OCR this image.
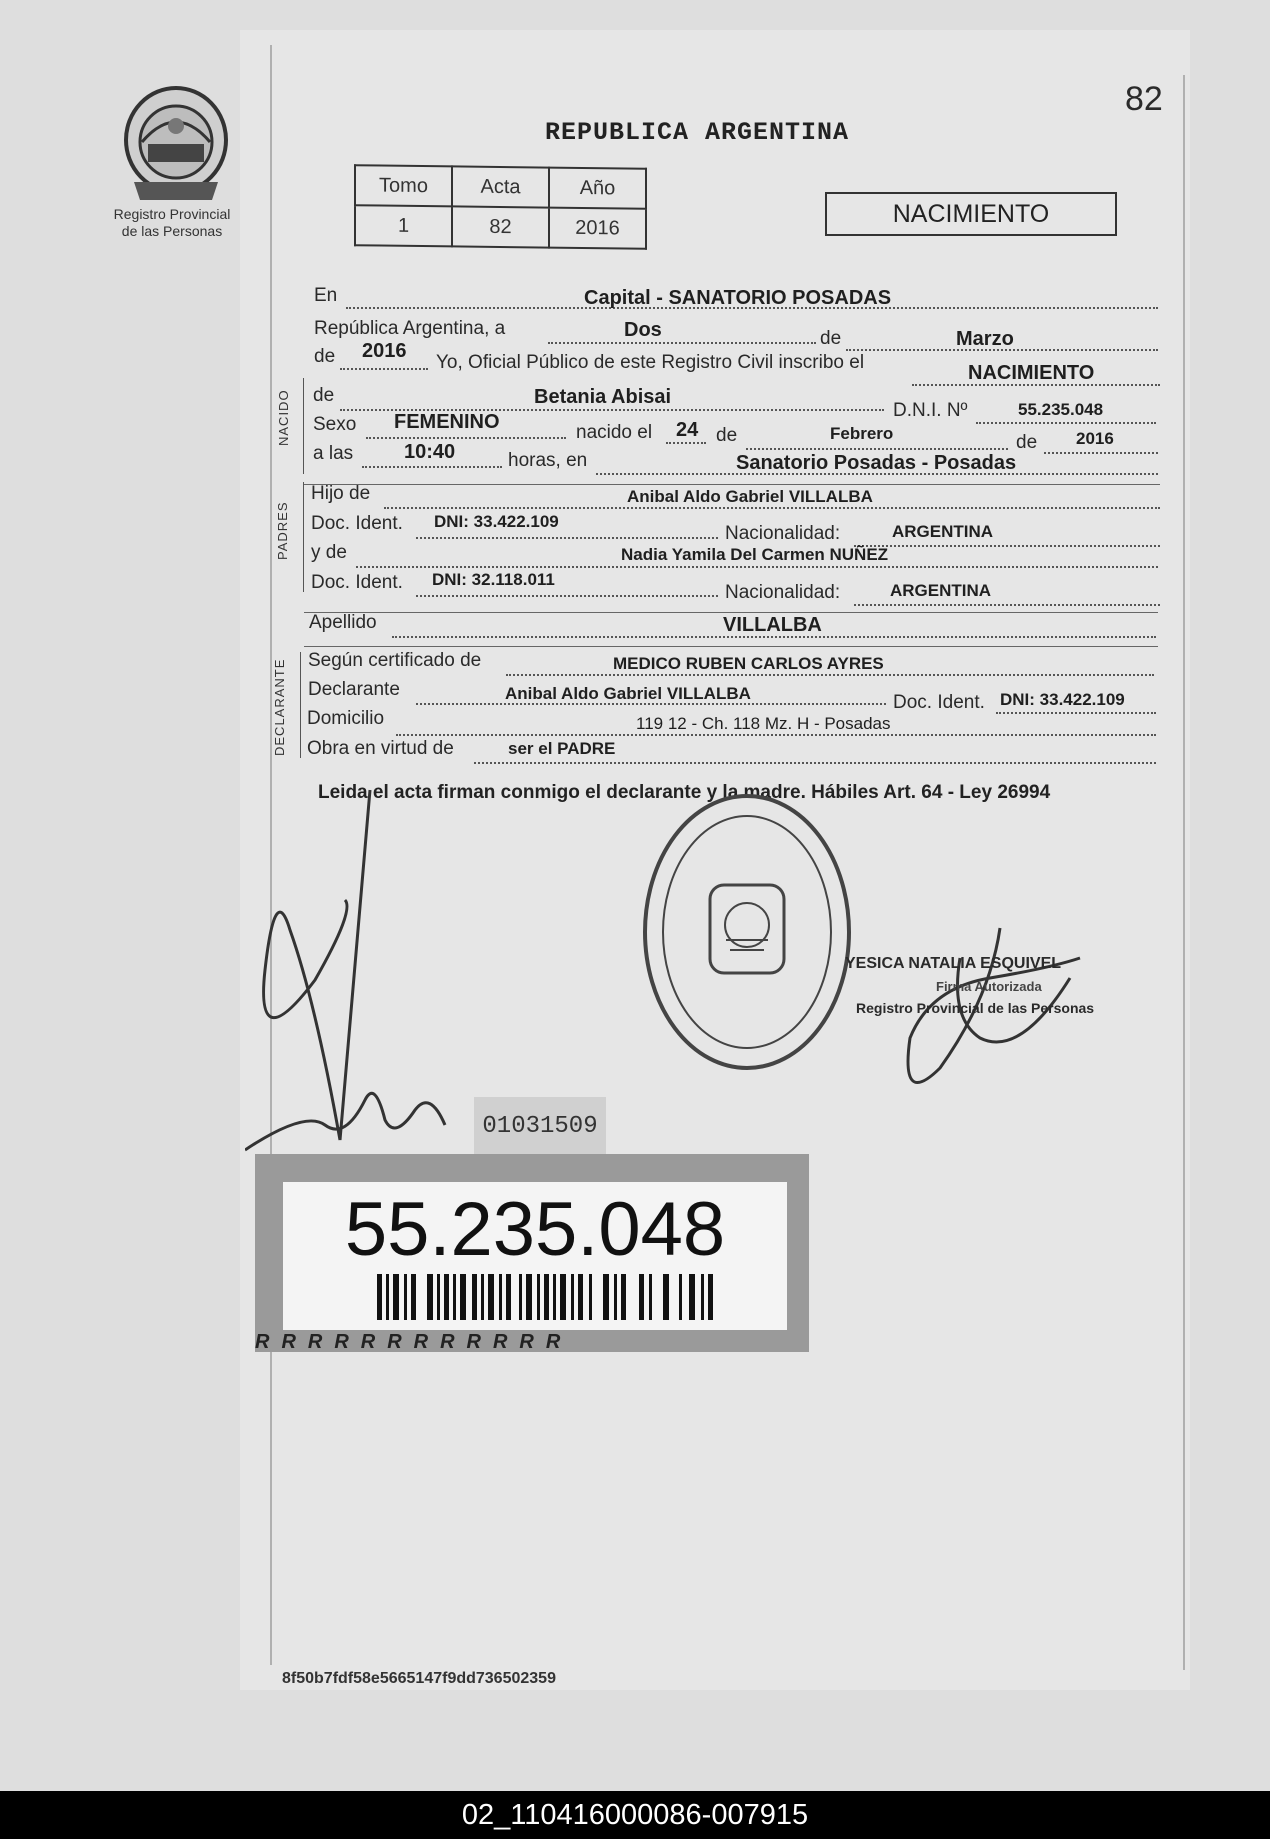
82
Registro Provincial
de las Personas
REPUBLICA ARGENTINA
Tomo	Acta	Año
1	82	2016	NACIMIENTO
En	Capital - SANATORIO POSADAS
República Argentina, a	Dos	de	Marzo
de 2016
Yo, Oficial Público de este Registro Civil inscribo el	NACIMIENTO
NACIDO de	Betania Abisai
D.N.I. Nº	55.235.048
Sexo FEMENINO	nacido el 24 de	Febrero	de 2016
a las	10:40	horas, en	Sanatorio Posadas - Posadas
PADRES
Hijo de	Anibal Aldo Gabriel VILLALBA
Doc. Ident. DNI: 33.422.109
Nacionalidad:	ARGENTINA
y de	Nadia Yamila Del Carmen NUÑEZ
Doc. Ident. DNI: 32.118.011
Nacionalidad:	ARGENTINA
Apellido	VILLALBA
DECLARANTE Según certificado de	MEDICO RUBEN CARLOS AYRES
Declarante	Anibal Aldo Gabriel VILLALBA	Doc. Ident. DNI: 33.422.109
Domicilio	119 12 - Ch. 118 Mz. H - Posadas
Obra en virtud de	ser el PADRE
Leida el acta firman conmigo el declarante y la madre. Hábiles Art. 64 - Ley 26994
YESICA NATALIA ESQUIVEL
Firma Autorizada
Registro Provincial de las Personas
01031509
55.235.048
RRRRRRRRRRRR
8f50b7fdf58e5665147f9dd736502359
02_110416000086-007915
